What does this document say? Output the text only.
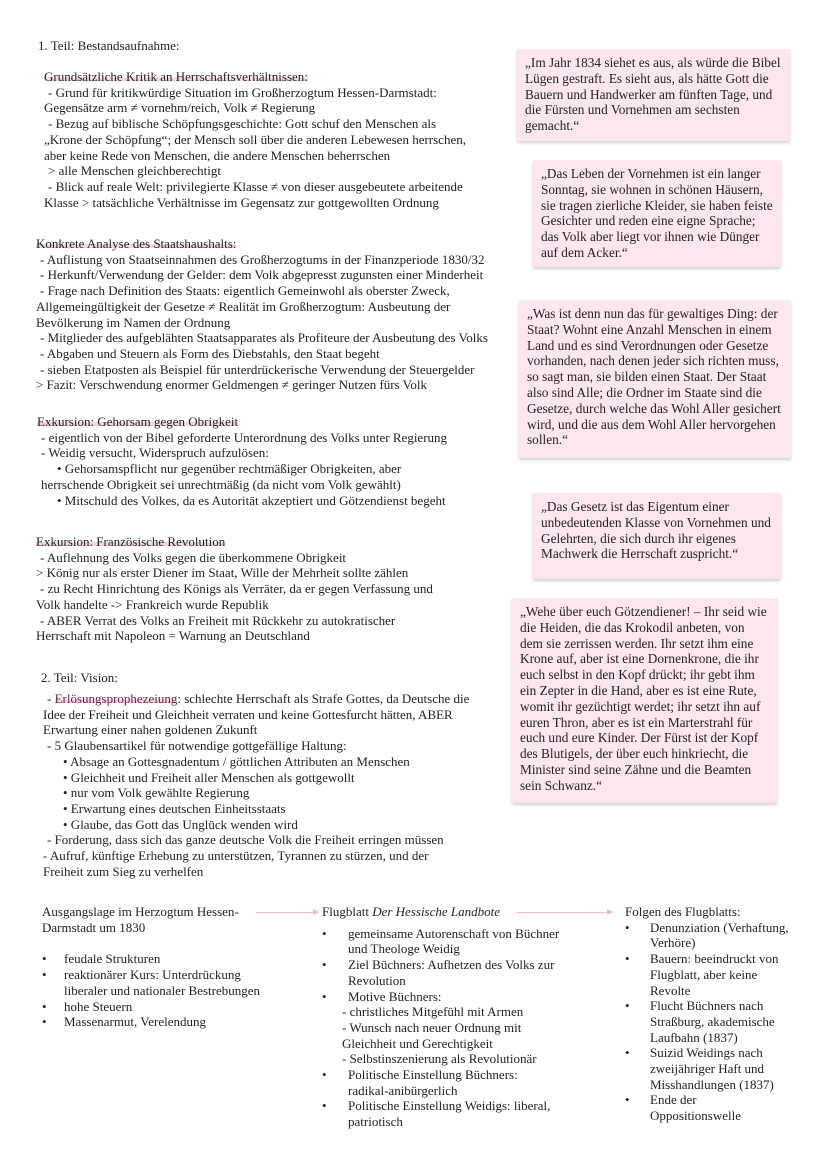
1. Teil: Bestandsaufnahme:

Grundsätzliche Kritik an Herrschaftsverhältnissen:

- Grund für kritikwürdige Situation im Großherzogtum Hessen-Darmstadt:

Gegensätze arm ≠ vornehm/reich, Volk ≠ Regierung

- Bezug auf biblische Schöpfungsgeschichte: Gott schuf den Menschen als

„Krone der Schöpfung“; der Mensch soll über die anderen Lebewesen herrschen,

aber keine Rede von Menschen, die andere Menschen beherrschen

> alle Menschen gleichberechtigt

- Blick auf reale Welt: privilegierte Klasse ≠ von dieser ausgebeutete arbeitende

Klasse > tatsächliche Verhältnisse im Gegensatz zur gottgewollten Ordnung

Konkrete Analyse des Staatshaushalts:

- Auflistung von Staatseinnahmen des Großherzogtums in der Finanzperiode 1830/32

- Herkunft/Verwendung der Gelder: dem Volk abgepresst zugunsten einer Minderheit

- Frage nach Definition des Staats: eigentlich Gemeinwohl als oberster Zweck,

Allgemeingültigkeit der Gesetze ≠ Realität im Großherzogtum: Ausbeutung der

Bevölkerung im Namen der Ordnung

- Mitglieder des aufgeblähten Staatsapparates als Profiteure der Ausbeutung des Volks

- Abgaben und Steuern als Form des Diebstahls, den Staat begeht

- sieben Etatposten als Beispiel für unterdrückerische Verwendung der Steuergelder

> Fazit: Verschwendung enormer Geldmengen ≠ geringer Nutzen fürs Volk

Exkursion: Gehorsam gegen Obrigkeit

- eigentlich von der Bibel geforderte Unterordnung des Volks unter Regierung

- Weidig versucht, Widerspruch aufzulösen:

• Gehorsamspflicht nur gegenüber rechtmäßiger Obrigkeiten, aber

herrschende Obrigkeit sei unrechtmäßig (da nicht vom Volk gewählt)

• Mitschuld des Volkes, da es Autorität akzeptiert und Götzendienst begeht

Exkursion: Französische Revolution

- Auflehnung des Volks gegen die überkommene Obrigkeit

> König nur als erster Diener im Staat, Wille der Mehrheit sollte zählen

- zu Recht Hinrichtung des Königs als Verräter, da er gegen Verfassung und

Volk handelte -> Frankreich wurde Republik

- ABER Verrat des Volks an Freiheit mit Rückkehr zu autokratischer

Herrschaft mit Napoleon = Warnung an Deutschland

2. Teil: Vision:

- Erlösungsprophezeiung: schlechte Herrschaft als Strafe Gottes, da Deutsche die

Idee der Freiheit und Gleichheit verraten und keine Gottesfurcht hätten, ABER

Erwartung einer nahen goldenen Zukunft

- 5 Glaubensartikel für notwendige gottgefällige Haltung:

• Absage an Gottesgnadentum / göttlichen Attributen an Menschen

• Gleichheit und Freiheit aller Menschen als gottgewollt

• nur vom Volk gewählte Regierung

• Erwartung eines deutschen Einheitsstaats

• Glaube, das Gott das Unglück wenden wird

- Forderung, dass sich das ganze deutsche Volk die Freiheit erringen müssen

- Aufruf, künftige Erhebung zu unterstützen, Tyrannen zu stürzen, und der

Freiheit zum Sieg zu verhelfen

„Im Jahr 1834 siehet es aus, als würde die Bibel Lügen gestraft. Es sieht aus, als hätte Gott die Bauern und Handwerker am fünften Tage, und die Fürsten und Vornehmen am sechsten gemacht.“
„Das Leben der Vornehmen ist ein langer Sonntag, sie wohnen in schönen Häusern, sie tragen zierliche Kleider, sie haben feiste Gesichter und reden eine eigne Sprache; das Volk aber liegt vor ihnen wie Dünger auf dem Acker.“
„Was ist denn nun das für gewaltiges Ding: der Staat? Wohnt eine Anzahl Menschen in einem Land und es sind Verordnungen oder Gesetze vorhanden, nach denen jeder sich richten muss, so sagt man, sie bilden einen Staat. Der Staat also sind Alle; die Ordner im Staate sind die Gesetze, durch welche das Wohl Aller gesichert wird, und die aus dem Wohl Aller hervorgehen sollen.“
„Das Gesetz ist das Eigentum einer unbedeutenden Klasse von Vornehmen und Gelehrten, die sich durch ihr eigenes Machwerk die Herrschaft zuspricht.“
„Wehe über euch Götzendiener! – Ihr seid wie die Heiden, die das Krokodil anbeten, von dem sie zerrissen werden. Ihr setzt ihm eine Krone auf, aber ist eine Dornenkrone, die ihr euch selbst in den Kopf drückt; ihr gebt ihm ein Zepter in die Hand, aber es ist eine Rute, womit ihr gezüchtigt werdet; ihr setzt ihn auf euren Thron, aber es ist ein Marterstrahl für euch und eure Kinder. Der Fürst ist der Kopf des Blutigels, der über euch hinkriecht, die Minister sind seine Zähne und die Beamten sein Schwanz.“

Ausgangslage im Herzogtum Hessen-Darmstadt um 1830

• feudale Strukturen
• reaktionärer Kurs: Unterdrückung liberaler und nationaler Bestrebungen
• hohe Steuern
• Massenarmut, Verelendung

Flugblatt Der Hessische Landbote

• gemeinsame Autorenschaft von Büchner und Theologe Weidig
• Ziel Büchners: Aufhetzen des Volks zur Revolution
• Motive Büchners:

- christliches Mitgefühl mit Armen

- Wunsch nach neuer Ordnung mit Gleichheit und Gerechtigkeit

- Selbstinszenierung als Revolutionär

• Politische Einstellung Büchners: radikal-anibürgerlich
• Politische Einstellung Weidigs: liberal, patriotisch

Folgen des Flugblatts:

• Denunziation (Verhaftung, Verhöre)
• Bauern: beeindruckt von Flugblatt, aber keine Revolte
• Flucht Büchners nach Straßburg, akademische Laufbahn (1837)
• Suizid Weidings nach zweijähriger Haft und Misshandlungen (1837)
• Ende der Oppositionswelle
